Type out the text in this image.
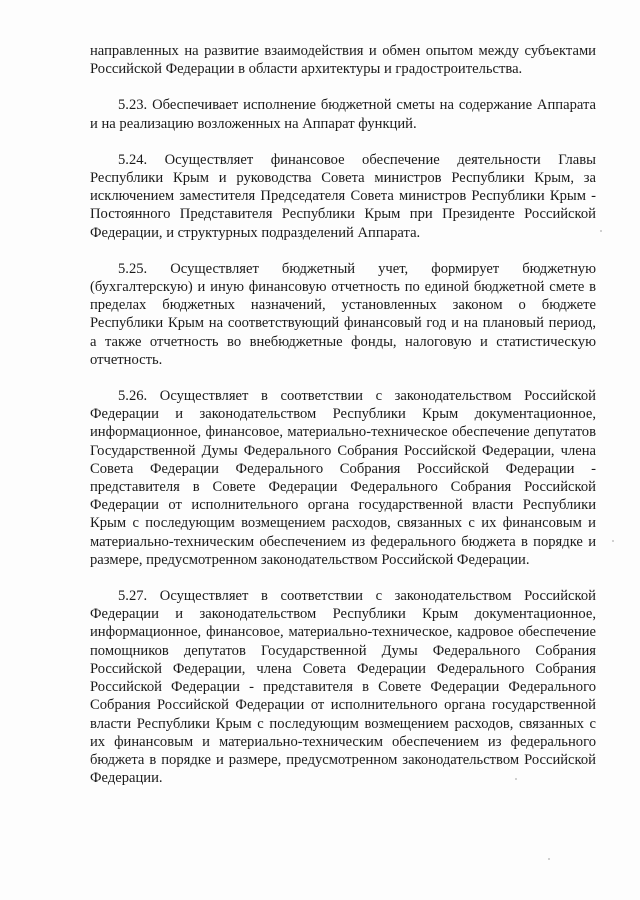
направленных на развитие взаимодействия и обмен опытом между субъектами Российской Федерации в области архитектуры и градостроительства.

5.23. Обеспечивает исполнение бюджетной сметы на содержание Аппарата и на реализацию возложенных на Аппарат функций.

5.24. Осуществляет финансовое обеспечение деятельности Главы Республики Крым и руководства Совета министров Республики Крым, за исключением заместителя Председателя Совета министров Республики Крым - Постоянного Представителя Республики Крым при Президенте Российской Федерации, и структурных подразделений Аппарата.

5.25. Осуществляет бюджетный учет, формирует бюджетную (бухгалтерскую) и иную финансовую отчетность по единой бюджетной смете в пределах бюджетных назначений, установленных законом о бюджете Республики Крым на соответствующий финансовый год и на плановый период, а также отчетность во внебюджетные фонды, налоговую и статистическую отчетность.

5.26. Осуществляет в соответствии с законодательством Российской Федерации и законодательством Республики Крым документационное, информационное, финансовое, материально-техническое обеспечение депутатов Государственной Думы Федерального Собрания Российской Федерации, члена Совета Федерации Федерального Собрания Российской Федерации - представителя в Совете Федерации Федерального Собрания Российской Федерации от исполнительного органа государственной власти Республики Крым с последующим возмещением расходов, связанных с их финансовым и материально-техническим обеспечением из федерального бюджета в порядке и размере, предусмотренном законодательством Российской Федерации.

5.27. Осуществляет в соответствии с законодательством Российской Федерации и законодательством Республики Крым документационное, информационное, финансовое, материально-техническое, кадровое обеспечение помощников депутатов Государственной Думы Федерального Собрания Российской Федерации, члена Совета Федерации Федерального Собрания Российской Федерации - представителя в Совете Федерации Федерального Собрания Российской Федерации от исполнительного органа государственной власти Республики Крым с последующим возмещением расходов, связанных с их финансовым и материально-техническим обеспечением из федерального бюджета в порядке и размере, предусмотренном законодательством Российской Федерации.
